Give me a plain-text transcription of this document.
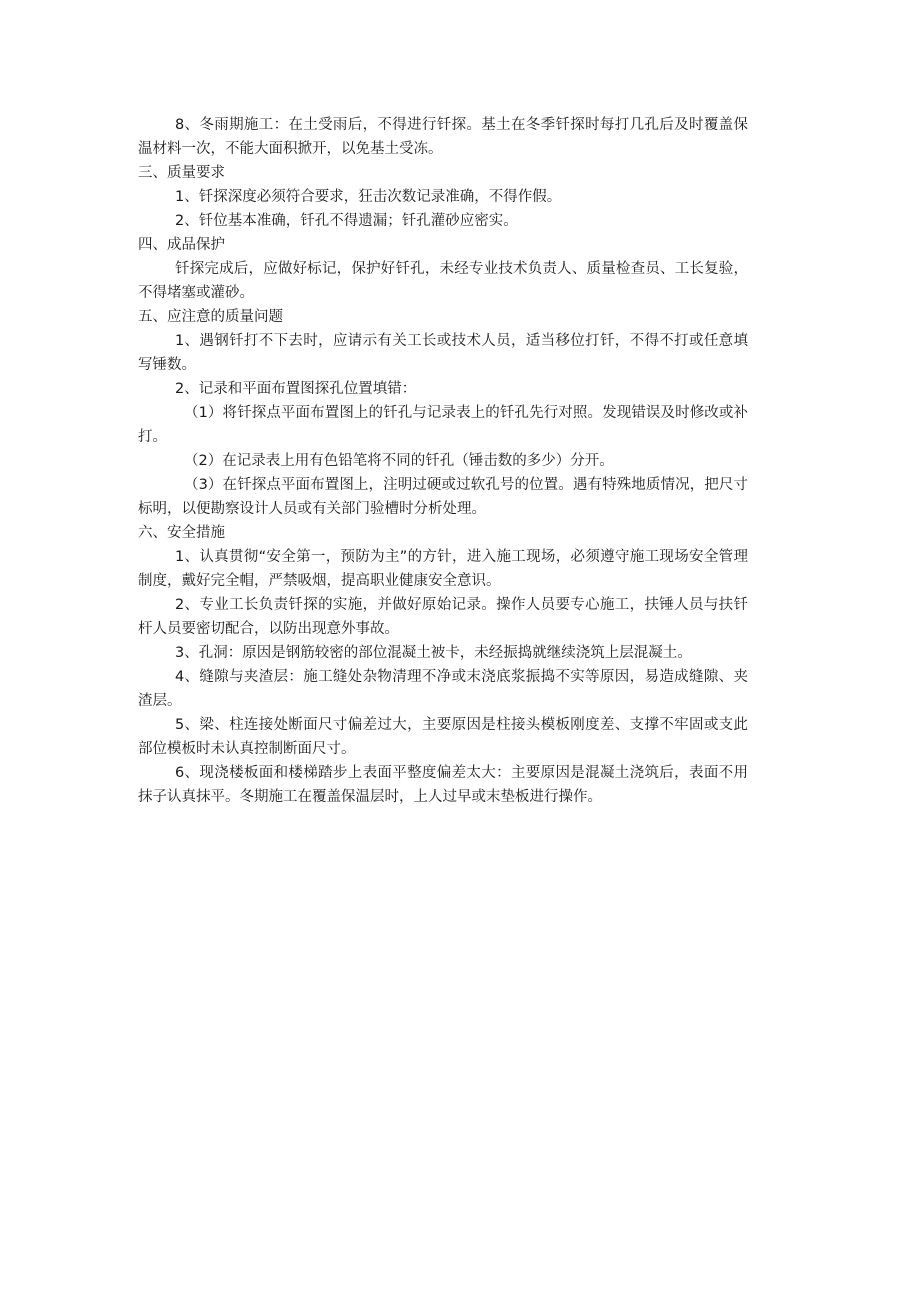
8、冬雨期施工：在土受雨后，不得进行钎探。基土在冬季钎探时每打几孔后及时覆盖保温材料一次，不能大面积掀开，以免基土受冻。

三、质量要求

1、钎探深度必须符合要求，狂击次数记录准确，不得作假。

2、钎位基本准确，钎孔不得遗漏；钎孔灌砂应密实。

四、成品保护

钎探完成后，应做好标记，保护好钎孔，未经专业技术负责人、质量检查员、工长复验，不得堵塞或灌砂。

五、应注意的质量问题

1、遇钢钎打不下去时，应请示有关工长或技术人员，适当移位打钎，不得不打或任意填写锤数。

2、记录和平面布置图探孔位置填错：

（1）将钎探点平面布置图上的钎孔与记录表上的钎孔先行对照。发现错误及时修改或补打。

（2）在记录表上用有色铅笔将不同的钎孔（锤击数的多少）分开。

（3）在钎探点平面布置图上，注明过硬或过软孔号的位置。遇有特殊地质情况，把尺寸标明，以便勘察设计人员或有关部门验槽时分析处理。

六、安全措施

1、认真贯彻“安全第一，预防为主”的方针，进入施工现场，必须遵守施工现场安全管理制度，戴好完全帽，严禁吸烟，提高职业健康安全意识。

2、专业工长负责钎探的实施，并做好原始记录。操作人员要专心施工，扶锤人员与扶钎杆人员要密切配合，以防出现意外事故。

3、孔洞：原因是钢筋较密的部位混凝土被卡，未经振捣就继续浇筑上层混凝土。

4、缝隙与夹渣层：施工缝处杂物清理不净或末浇底浆振捣不实等原因，易造成缝隙、夹渣层。

5、梁、柱连接处断面尺寸偏差过大，主要原因是柱接头模板刚度差、支撑不牢固或支此部位模板时未认真控制断面尺寸。

6、现浇楼板面和楼梯踏步上表面平整度偏差太大：主要原因是混凝土浇筑后，表面不用抹子认真抹平。冬期施工在覆盖保温层时，上人过早或末垫板进行操作。
